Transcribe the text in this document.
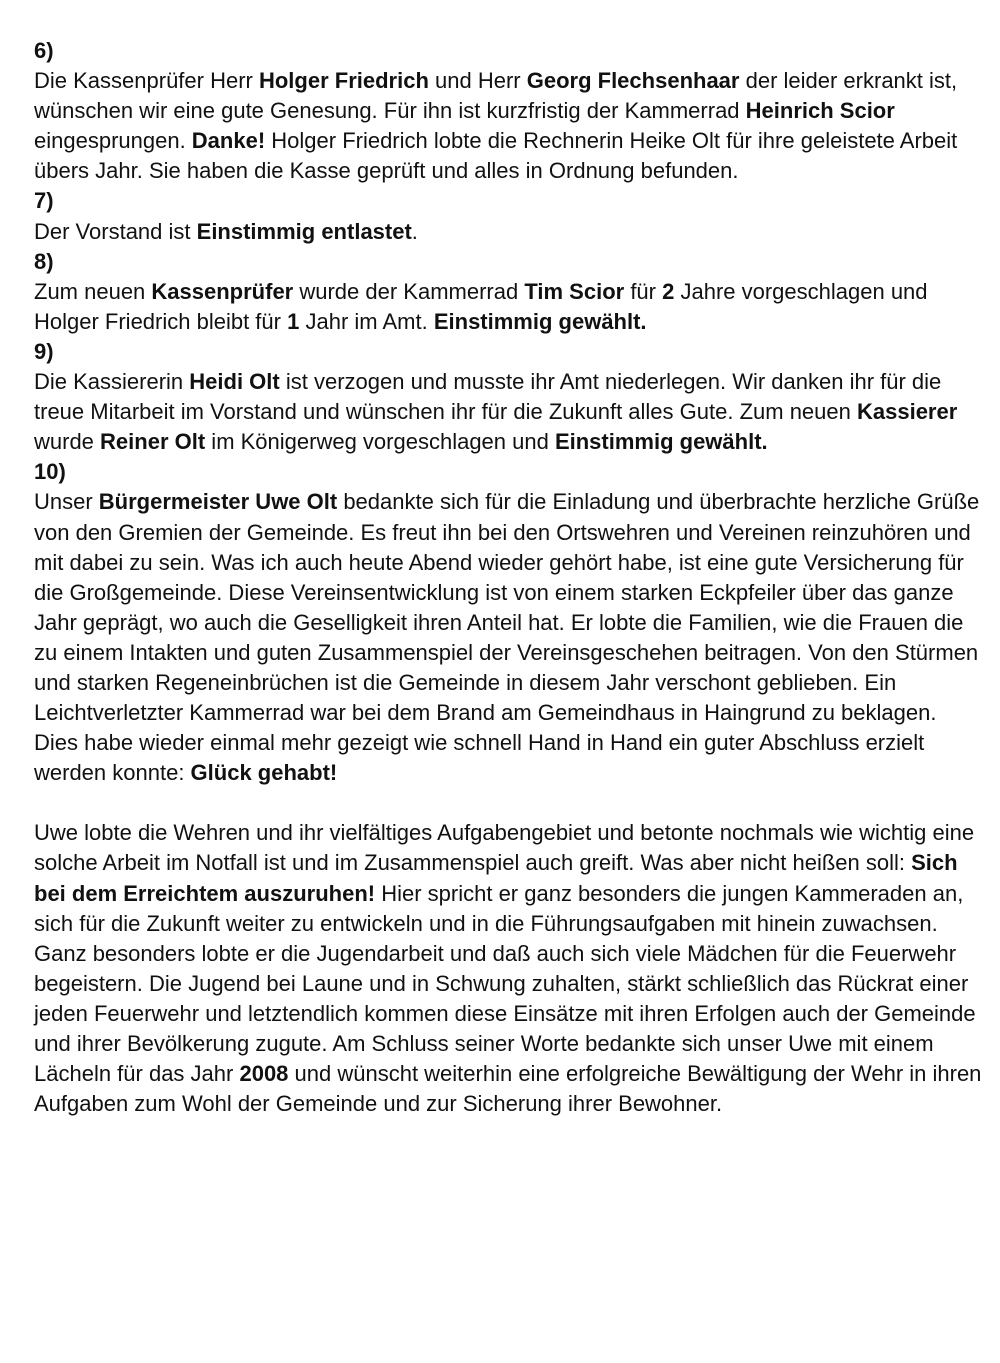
6)

Die Kassenprüfer Herr Holger Friedrich und Herr Georg Flechsenhaar der leider erkrankt ist, wünschen wir eine gute Genesung. Für ihn ist kurzfristig der Kammerrad Heinrich Scior eingesprungen. Danke! Holger Friedrich lobte die Rechnerin Heike Olt für ihre geleistete Arbeit übers Jahr. Sie haben die Kasse geprüft und alles in Ordnung befunden.

7)

Der Vorstand ist Einstimmig entlastet.

8)

Zum neuen Kassenprüfer wurde der Kammerrad Tim Scior für 2 Jahre vorgeschlagen und Holger Friedrich bleibt für 1 Jahr im Amt. Einstimmig gewählt.

9)

Die Kassiererin Heidi Olt ist verzogen und musste ihr Amt niederlegen. Wir danken ihr für die treue Mitarbeit im Vorstand und wünschen ihr für die Zukunft alles Gute. Zum neuen Kassierer wurde Reiner Olt im Königerweg vorgeschlagen und Einstimmig gewählt.

10)

Unser Bürgermeister Uwe Olt bedankte sich für die Einladung und überbrachte herzliche Grüße von den Gremien der Gemeinde. Es freut ihn bei den Ortswehren und Vereinen reinzuhören und mit dabei zu sein. Was ich auch heute Abend wieder gehört habe, ist eine gute Versicherung für die Großgemeinde. Diese Vereinsentwicklung ist von einem starken Eckpfeiler über das ganze Jahr geprägt, wo auch die Geselligkeit ihren Anteil hat. Er lobte die Familien, wie die Frauen die zu einem Intakten und guten Zusammenspiel der Vereinsgeschehen beitragen. Von den Stürmen und starken Regeneinbrüchen ist die Gemeinde in diesem Jahr verschont geblieben. Ein Leichtverletzter Kammerrad war bei dem Brand am Gemeindhaus in Haingrund zu beklagen. Dies habe wieder einmal mehr gezeigt wie schnell Hand in Hand ein guter Abschluss erzielt werden konnte: Glück gehabt!

Uwe lobte die Wehren und ihr vielfältiges Aufgabengebiet und betonte nochmals wie wichtig eine solche Arbeit im Notfall ist und im Zusammenspiel auch greift. Was aber nicht heißen soll: Sich bei dem Erreichtem auszuruhen! Hier spricht er ganz besonders die jungen Kammeraden an, sich für die Zukunft weiter zu entwickeln und in die Führungsaufgaben mit hinein zuwachsen. Ganz besonders lobte er die Jugendarbeit und daß auch sich viele Mädchen für die Feuerwehr begeistern. Die Jugend bei Laune und in Schwung zuhalten, stärkt schließlich das Rückrat einer jeden Feuerwehr und letztendlich kommen diese Einsätze mit ihren Erfolgen auch der Gemeinde und ihrer Bevölkerung zugute. Am Schluss seiner Worte bedankte sich unser Uwe mit einem Lächeln für das Jahr 2008 und wünscht weiterhin eine erfolgreiche Bewältigung der Wehr in ihren Aufgaben zum Wohl der Gemeinde und zur Sicherung ihrer Bewohner.
